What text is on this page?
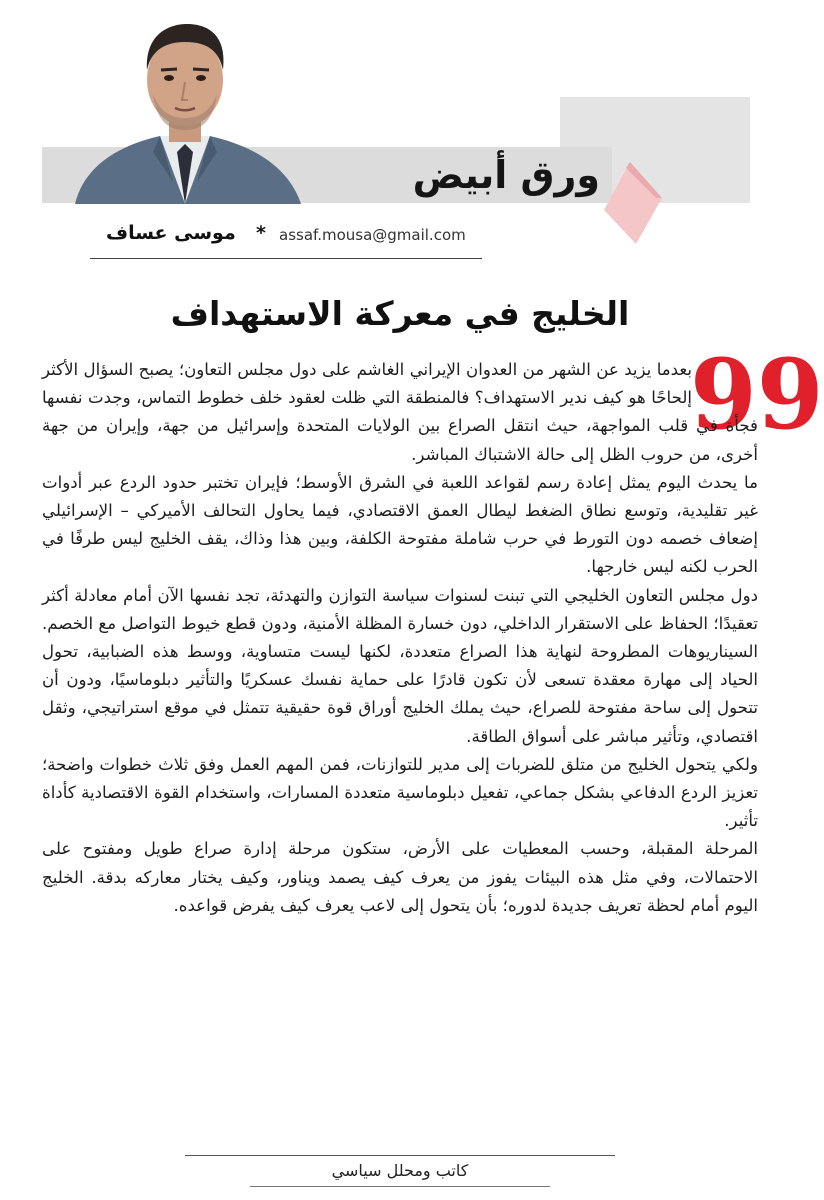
ورق أبيض
موسى عساف * assaf.mousa@gmail.com
الخليج في معركة الاستهداف
99

بعدما يزيد عن الشهر من العدوان الإيراني الغاشم على دول مجلس التعاون؛ يصبح السؤال الأكثر إلحاحًا هو كيف ندير الاستهداف؟ فالمنطقة التي ظلت لعقود خلف خطوط التماس، وجدت نفسها فجأة في قلب المواجهة، حيث انتقل الصراع بين الولايات المتحدة وإسرائيل من جهة، وإيران من جهة أخرى، من حروب الظل إلى حالة الاشتباك المباشر.

ما يحدث اليوم يمثل إعادة رسم لقواعد اللعبة في الشرق الأوسط؛ فإيران تختبر حدود الردع عبر أدوات غير تقليدية، وتوسع نطاق الضغط ليطال العمق الاقتصادي، فيما يحاول التحالف الأميركي – الإسرائيلي إضعاف خصمه دون التورط في حرب شاملة مفتوحة الكلفة، وبين هذا وذاك، يقف الخليج ليس طرفًا في الحرب لكنه ليس خارجها.

دول مجلس التعاون الخليجي التي تبنت لسنوات سياسة التوازن والتهدئة، تجد نفسها الآن أمام معادلة أكثر تعقيدًا؛ الحفاظ على الاستقرار الداخلي، دون خسارة المظلة الأمنية، ودون قطع خيوط التواصل مع الخصم. السيناريوهات المطروحة لنهاية هذا الصراع متعددة، لكنها ليست متساوية، ووسط هذه الضبابية، تحول الحياد إلى مهارة معقدة تسعى لأن تكون قادرًا على حماية نفسك عسكريًا والتأثير دبلوماسيًا، ودون أن تتحول إلى ساحة مفتوحة للصراع، حيث يملك الخليج أوراق قوة حقيقية تتمثل في موقع استراتيجي، وثقل اقتصادي، وتأثير مباشر على أسواق الطاقة.

ولكي يتحول الخليج من متلق للضربات إلى مدير للتوازنات، فمن المهم العمل وفق ثلاث خطوات واضحة؛ تعزيز الردع الدفاعي بشكل جماعي، تفعيل دبلوماسية متعددة المسارات، واستخدام القوة الاقتصادية كأداة تأثير.

المرحلة المقبلة، وحسب المعطيات على الأرض، ستكون مرحلة إدارة صراع طويل ومفتوح على الاحتمالات، وفي مثل هذه البيئات يفوز من يعرف كيف يصمد ويناور، وكيف يختار معاركه بدقة. الخليج اليوم أمام لحظة تعريف جديدة لدوره؛ بأن يتحول إلى لاعب يعرف كيف يفرض قواعده.

كاتب ومحلل سياسي
